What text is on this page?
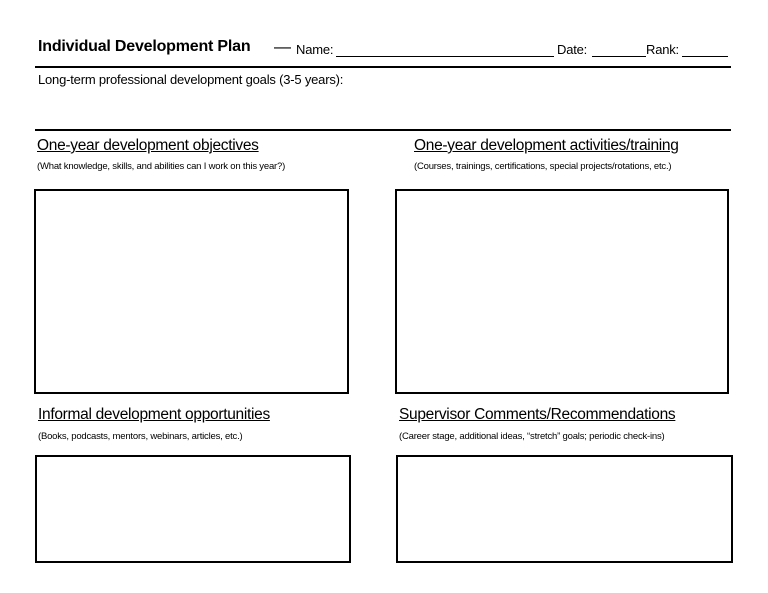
Individual Development Plan — Name:	Date:	Rank:
Long-term professional development goals (3-5 years):
One-year development objectives
(What knowledge, skills, and abilities can I work on this year?)
One-year development activities/training
(Courses, trainings, certifications, special projects/rotations, etc.)
Informal development opportunities
(Books, podcasts, mentors, webinars, articles, etc.)
Supervisor Comments/Recommendations
(Career stage, additional ideas, “stretch” goals; periodic check-ins)
